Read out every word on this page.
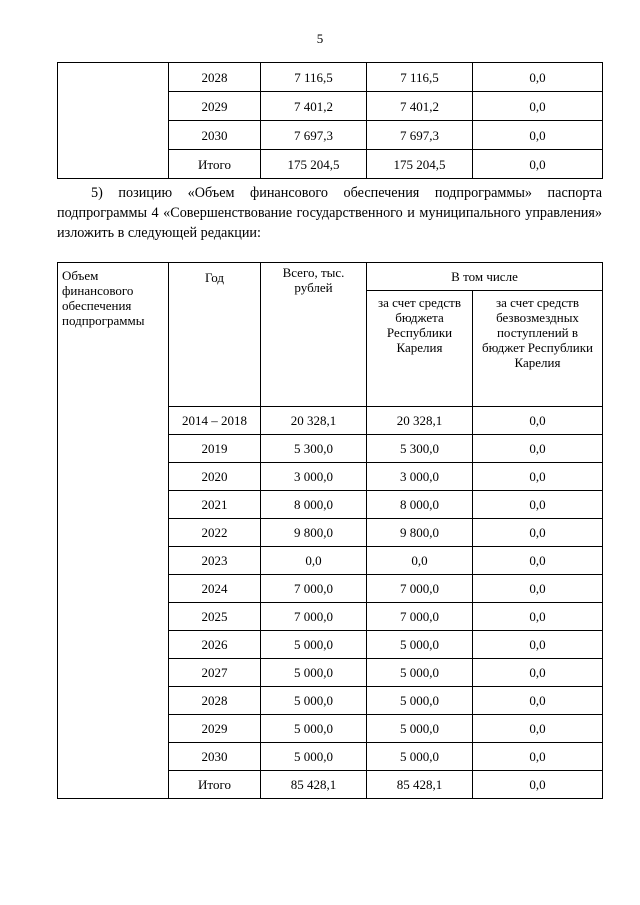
5
	2028	7 116,5	7 116,5	0,0
	2029	7 401,2	7 401,2	0,0
	2030	7 697,3	7 697,3	0,0
	Итого	175 204,5	175 204,5	0,0

5) позицию «Объем финансового обеспечения подпрограммы» паспорта подпрограммы 4 «Совершенствование государственного и муниципального управления» изложить в следующей редакции:

Объем финансового обеспечения подпрограммы	Год	Всего, тыс. рублей	В том числе	
			за счет средств бюджета Республики Карелия	за счет средств безвозмездных поступлений в бюджет Республики Карелия
	2014 – 2018	20 328,1	20 328,1	0,0
	2019	5 300,0	5 300,0	0,0
	2020	3 000,0	3 000,0	0,0
	2021	8 000,0	8 000,0	0,0
	2022	9 800,0	9 800,0	0,0
	2023	0,0	0,0	0,0
	2024	7 000,0	7 000,0	0,0
	2025	7 000,0	7 000,0	0,0
	2026	5 000,0	5 000,0	0,0
	2027	5 000,0	5 000,0	0,0
	2028	5 000,0	5 000,0	0,0
	2029	5 000,0	5 000,0	0,0
	2030	5 000,0	5 000,0	0,0
	Итого	85 428,1	85 428,1	0,0
